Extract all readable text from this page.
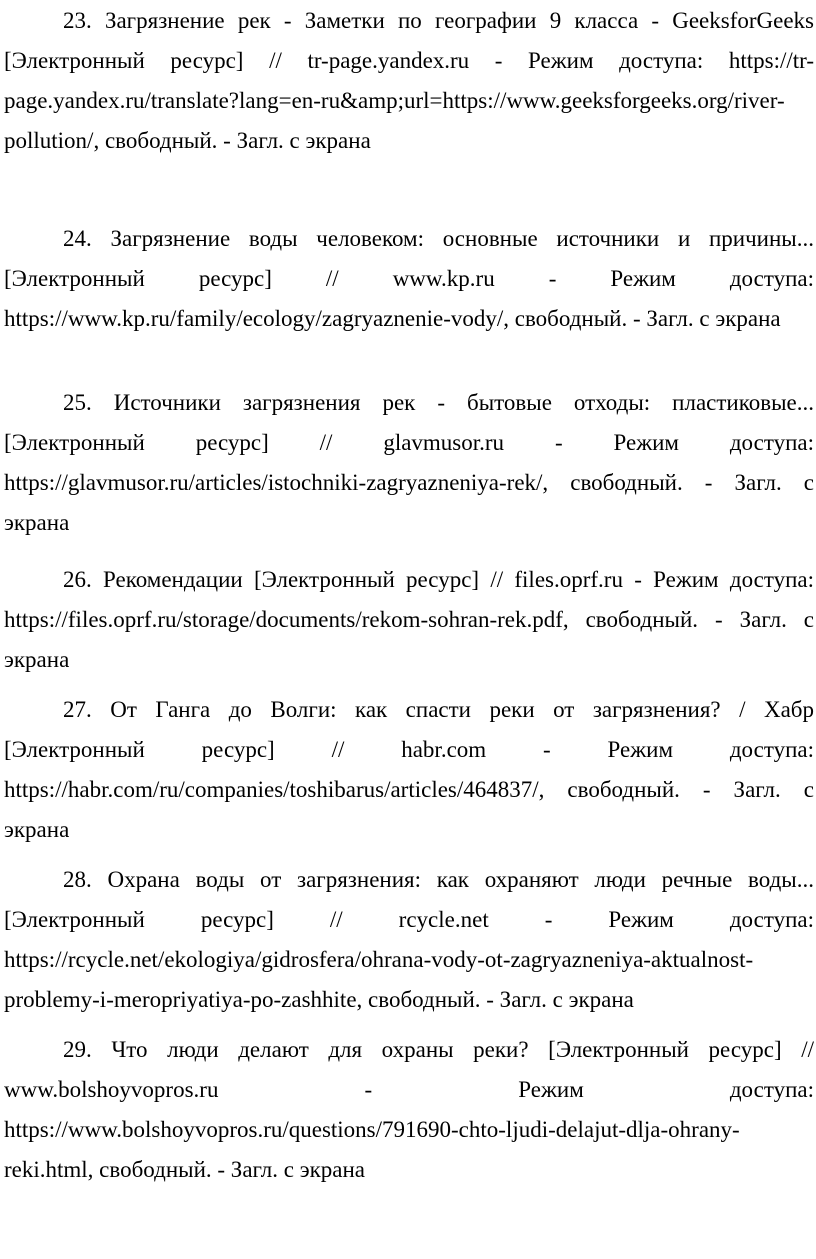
23. Загрязнение рек - Заметки по географии 9 класса - GeeksforGeeks [Электронный ресурс] // tr-page.yandex.ru - Режим доступа: https://tr-page.yandex.ru/translate?lang=en-ru&amp;url=https://www.geeksforgeeks.org/river-pollution/, свободный. - Загл. с экрана

24. Загрязнение воды человеком: основные источники и причины... [Электронный ресурс] // www.kp.ru - Режим доступа: https://www.kp.ru/family/ecology/zagryaznenie-vody/, свободный. - Загл. с экрана

25. Источники загрязнения рек - бытовые отходы: пластиковые... [Электронный ресурс] // glavmusor.ru - Режим доступа: https://glavmusor.ru/articles/istochniki-zagryazneniya-rek/, свободный. - Загл. с экрана

26. Рекомендации [Электронный ресурс] // files.oprf.ru - Режим доступа: https://files.oprf.ru/storage/documents/rekom-sohran-rek.pdf, свободный. - Загл. с экрана

27. От Ганга до Волги: как спасти реки от загрязнения? / Хабр [Электронный ресурс] // habr.com - Режим доступа: https://habr.com/ru/companies/toshibarus/articles/464837/, свободный. - Загл. с экрана

28. Охрана воды от загрязнения: как охраняют люди речные воды... [Электронный ресурс] // rcycle.net - Режим доступа: https://rcycle.net/ekologiya/gidrosfera/ohrana-vody-ot-zagryazneniya-aktualnost-problemy-i-meropriyatiya-po-zashhite, свободный. - Загл. с экрана

29. Что люди делают для охраны реки? [Электронный ресурс] // www.bolshoyvopros.ru - Режим доступа: https://www.bolshoyvopros.ru/questions/791690-chto-ljudi-delajut-dlja-ohrany-reki.html, свободный. - Загл. с экрана
